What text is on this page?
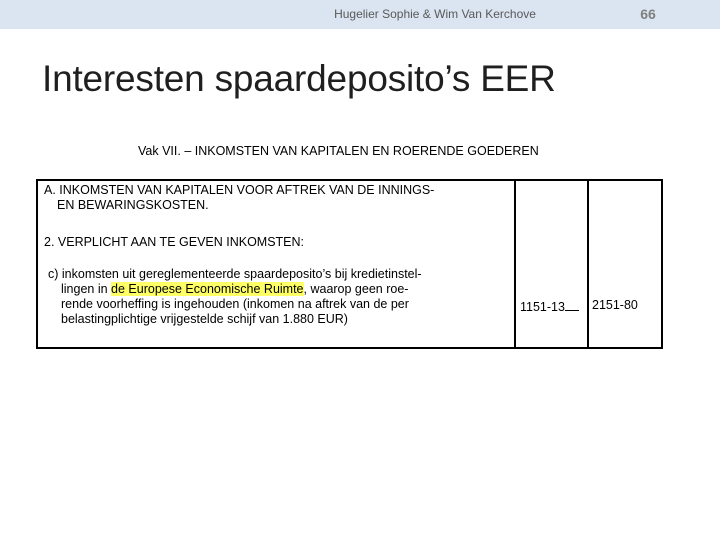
Hugelier Sophie & Wim Van Kerchove	66
Interesten spaardeposito’s EER
Vak VII. – INKOMSTEN VAN KAPITALEN EN ROERENDE GOEDEREN
A. INKOMSTEN VAN KAPITALEN VOOR AFTREK VAN DE INNINGS-
EN BEWARINGSKOSTEN.
2. VERPLICHT AAN TE GEVEN INKOMSTEN:
c) inkomsten uit gereglementeerde spaardeposito’s bij kredietinstel-
lingen in de Europese Economische Ruimte, waarop geen roe-
rende voorheffing is ingehouden (inkomen na aftrek van de per
belastingplichtige vrijgestelde schijf van 1.880 EUR)
1151-13	2151-80
